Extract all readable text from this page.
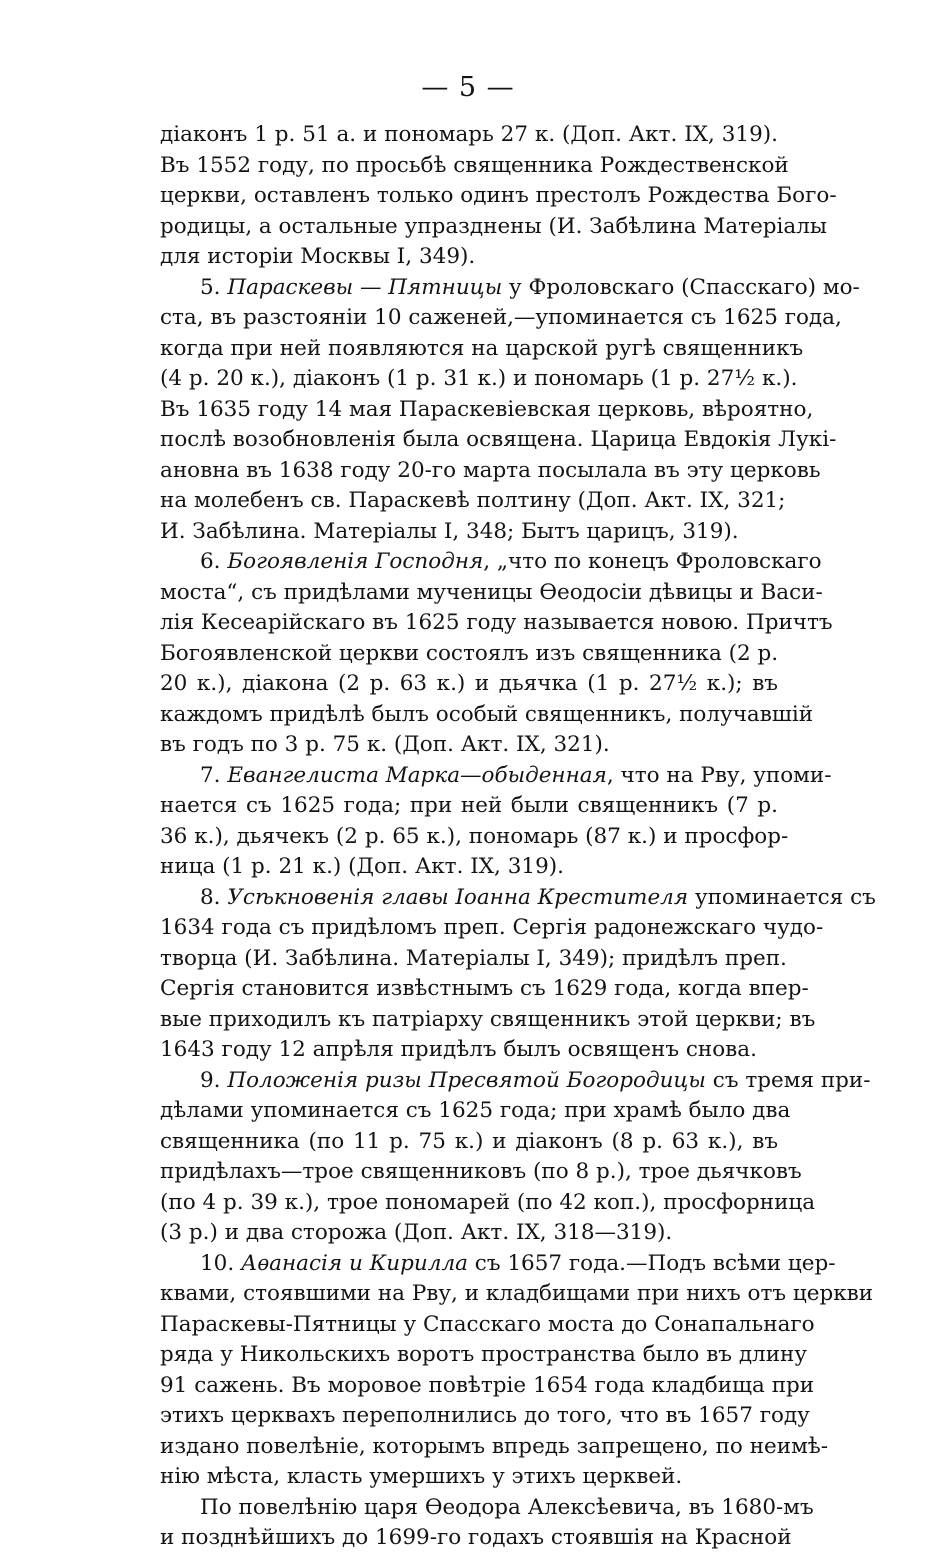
— 5 —
діаконъ 1 р. 51 а. и пономарь 27 к. (Доп. Акт. IX, 319).
Въ 1552 году, по просьбѣ священника Рождественской
церкви, оставленъ только одинъ престолъ Рождества Бого-
родицы, а остальные упразднены (И. Забѣлина Матеріалы
для исторіи Москвы I, 349).
5. Параскевы — Пятницы у Фроловскаго (Спасскаго) мо-
ста, въ разстояніи 10 саженей,—упоминается съ 1625 года,
когда при ней появляются на царской ругѣ священникъ
(4 р. 20 к.), діаконъ (1 р. 31 к.) и пономарь (1 р. 27½ к.).
Въ 1635 году 14 мая Параскевіевская церковь, вѣроятно,
послѣ возобновленія была освящена. Царица Евдокія Лукі-
ановна въ 1638 году 20-го марта посылала въ эту церковь
на молебенъ св. Параскевѣ полтину (Доп. Акт. IX, 321;
И. Забѣлина. Матеріалы I, 348; Бытъ царицъ, 319).
6. Богоявленія Господня, „что по конецъ Фроловскаго
моста“, съ придѣлами мученицы Ѳеодосіи дѣвицы и Васи-
лія Кесеарійскаго въ 1625 году называется новою. Причтъ
Богоявленской церкви состоялъ изъ священника (2 р.
20 к.), діакона (2 р. 63 к.) и дьячка (1 р. 27½ к.); въ
каждомъ придѣлѣ былъ особый священникъ, получавшій
въ годъ по 3 р. 75 к. (Доп. Акт. IX, 321).
7. Евангелиста Марка—обыденная, что на Рву, упоми-
нается съ 1625 года; при ней были священникъ (7 р.
36 к.), дьячекъ (2 р. 65 к.), пономарь (87 к.) и просфор-
ница (1 р. 21 к.) (Доп. Акт. IX, 319).
8. Усѣкновенія главы Іоанна Крестителя упоминается съ
1634 года съ придѣломъ преп. Сергія радонежскаго чудо-
творца (И. Забѣлина. Матеріалы I, 349); придѣлъ преп.
Сергія становится извѣстнымъ съ 1629 года, когда впер-
вые приходилъ къ патріарху священникъ этой церкви; въ
1643 году 12 апрѣля придѣлъ былъ освященъ снова.
9. Положенія ризы Пресвятой Богородицы съ тремя при-
дѣлами упоминается съ 1625 года; при храмѣ было два
священника (по 11 р. 75 к.) и діаконъ (8 р. 63 к.), въ
придѣлахъ—трое священниковъ (по 8 р.), трое дьячковъ
(по 4 р. 39 к.), трое пономарей (по 42 коп.), просфорница
(3 р.) и два сторожа (Доп. Акт. IX, 318—319).
10. Аѳанасія и Кирилла съ 1657 года.—Подъ всѣми цер-
квами, стоявшими на Рву, и кладбищами при нихъ отъ церкви
Параскевы-Пятницы у Спасскаго моста до Сонапальнаго
ряда у Никольскихъ воротъ пространства было въ длину
91 сажень. Въ моровое повѣтріе 1654 года кладбища при
этихъ церквахъ переполнились до того, что въ 1657 году
издано повелѣніе, которымъ впредь запрещено, по неимѣ-
нію мѣста, класть умершихъ у этихъ церквей.
По повелѣнію царя Ѳеодора Алексѣевича, въ 1680-мъ
и позднѣйшихъ до 1699-го годахъ стоявшія на Красной
